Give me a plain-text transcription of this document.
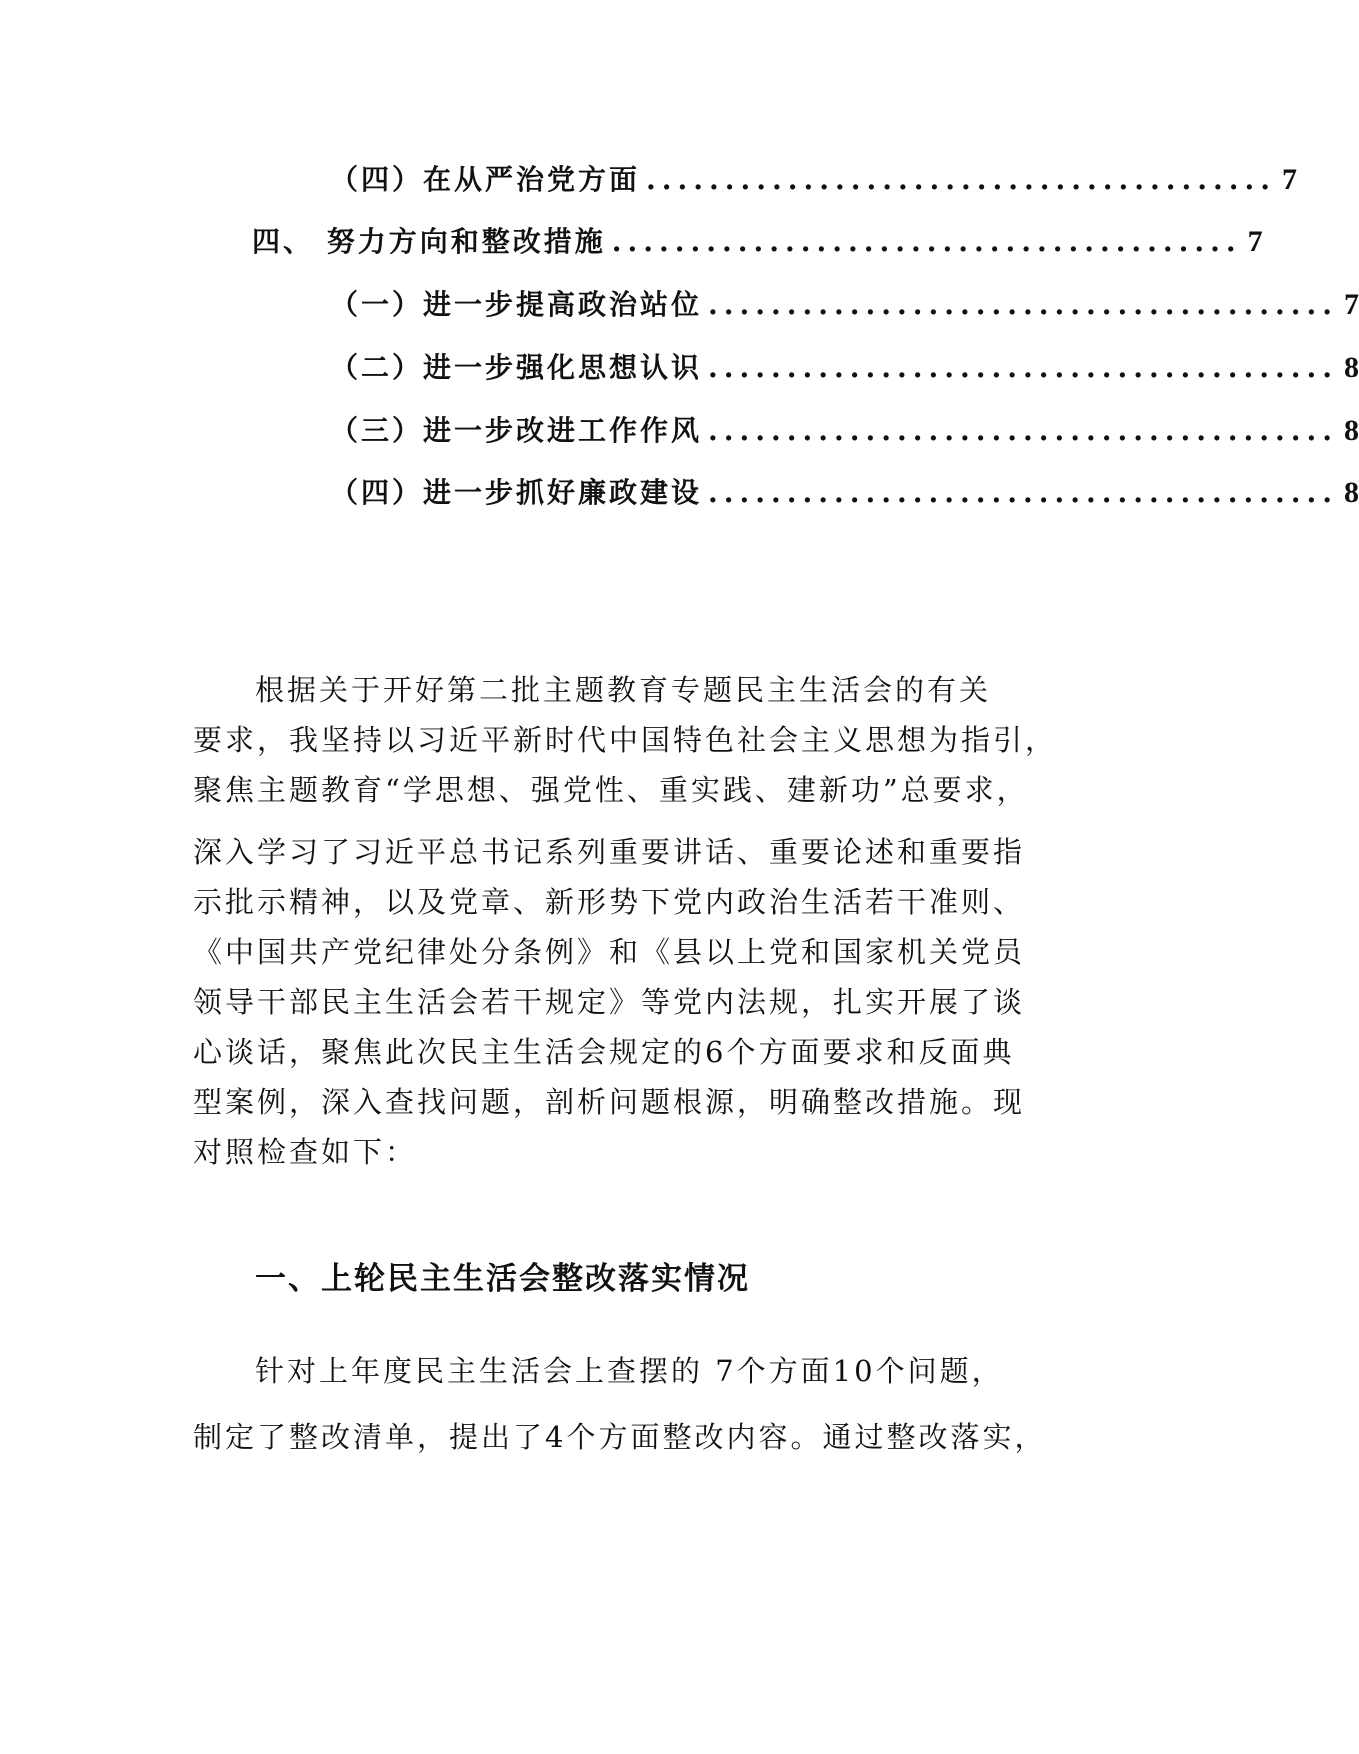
（四）在从严治党方面 ........................................ 7
四、 努力方向和整改措施 ........................................ 7
（一）进一步提高政治站位 ........................................ 7
（二）进一步强化思想认识 ........................................ 8
（三）进一步改进工作作风 ........................................ 8
（四）进一步抓好廉政建设 ........................................ 8
根据关于开好第二批主题教育专题民主生活会的有关
要求，我坚持以习近平新时代中国特色社会主义思想为指引，
聚焦主题教育“学思想、强党性、重实践、建新功”总要求，
深入学习了习近平总书记系列重要讲话、重要论述和重要指
示批示精神，以及党章、新形势下党内政治生活若干准则、
《中国共产党纪律处分条例》和《县以上党和国家机关党员
领导干部民主生活会若干规定》等党内法规，扎实开展了谈
心谈话，聚焦此次民主生活会规定的6个方面要求和反面典
型案例，深入查找问题，剖析问题根源，明确整改措施。现
对照检查如下：
一、上轮民主生活会整改落实情况
针对上年度民主生活会上查摆的 7个方面10个问题，
制定了整改清单，提出了4个方面整改内容。通过整改落实，
